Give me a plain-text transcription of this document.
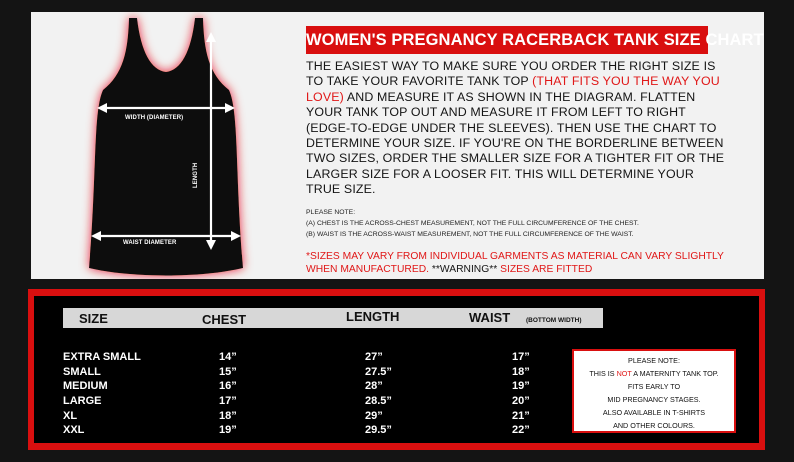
WIDTH (DIAMETER)
LENGTH
WAIST DIAMETER
WOMEN'S PREGNANCY RACERBACK TANK SIZE CHART
THE EASIEST WAY TO MAKE SURE YOU ORDER THE RIGHT SIZE IS TO TAKE YOUR FAVORITE TANK TOP (THAT FITS YOU THE WAY YOU LOVE) AND MEASURE IT AS SHOWN IN THE DIAGRAM. FLATTEN YOUR TANK TOP OUT AND MEASURE IT FROM LEFT TO RIGHT (EDGE-TO-EDGE UNDER THE SLEEVES). THEN USE THE CHART TO DETERMINE YOUR SIZE. IF YOU'RE ON THE BORDERLINE BETWEEN TWO SIZES, ORDER THE SMALLER SIZE FOR A TIGHTER FIT OR THE LARGER SIZE FOR A LOOSER FIT. THIS WILL DETERMINE YOUR TRUE SIZE.
PLEASE NOTE:
(A) CHEST IS THE ACROSS-CHEST MEASUREMENT, NOT THE FULL CIRCUMFERENCE OF THE CHEST.
(B) WAIST IS THE ACROSS-WAIST MEASUREMENT, NOT THE FULL CIRCUMFERENCE OF THE WAIST.
*SIZES MAY VARY FROM INDIVIDUAL GARMENTS AS MATERIAL CAN VARY SLIGHTLY WHEN MANUFACTURED. **WARNING** SIZES ARE FITTED
SIZE	CHEST	LENGTH	WAIST (BOTTOM WIDTH)
EXTRA SMALL	14”	27”	17”
SMALL	15”	27.5”	18”
MEDIUM	16”	28”	19”
LARGE	17”	28.5”	20”
XL	18”	29”	21”
XXL	19”	29.5”	22”
PLEASE NOTE:
THIS IS NOT A MATERNITY TANK TOP.
FITS EARLY TO
MID PREGNANCY STAGES.
ALSO AVAILABLE IN T-SHIRTS
AND OTHER COLOURS.
